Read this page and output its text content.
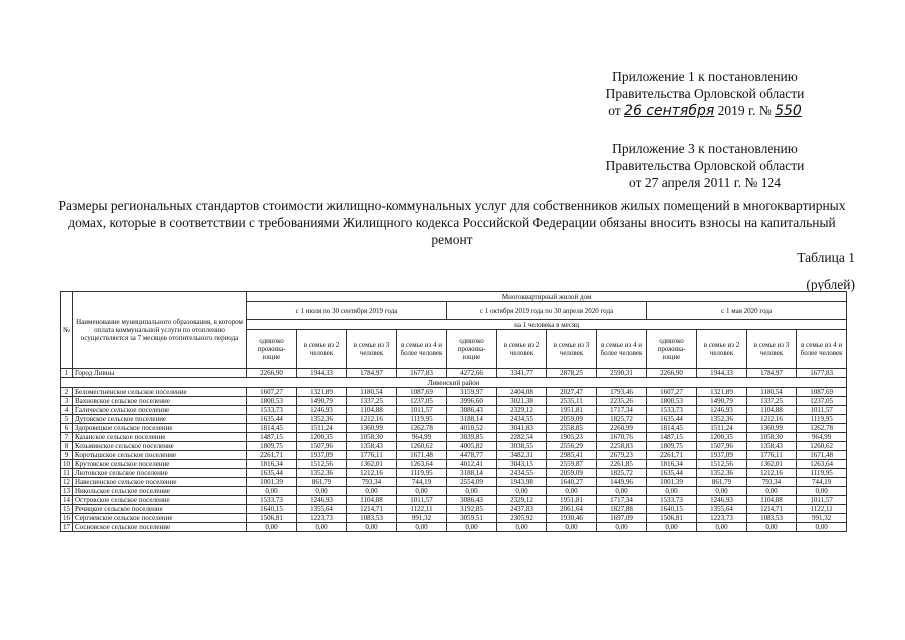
Приложение 1 к постановлению
Правительства Орловской области
от 26 сентября 2019 г. № 550
Приложение 3 к постановлению
Правительства Орловской области
от 27 апреля 2011 г. № 124
Размеры региональных стандартов стоимости жилищно-коммунальных услуг для собственников жилых помещений в многоквартирных домах, которые в соответствии с требованиями Жилищного кодекса Российской Федерации обязаны вносить взносы на капитальный ремонт
Таблица 1
(рублей)
№	Наименование муниципального образования, в котором оплата коммунальной услуги по отоплению осуществляется за 7 месяцев отопительного периода	Многоквартирный жилой дом											
		с 1 июля по 30 сентября 2019 года				с 1 октября 2019 года по 30 апреля 2020 года				с 1 мая 2020 года			
		на 1 человека в месяц											
		одиноко прожива-ющие	в семье из 2 человек	в семье из 3 человек	в семье из 4 и более человек	одиноко прожива-ющие	в семье из 2 человек	в семье из 3 человек	в семье из 4 и более человек	одиноко прожива-ющие	в семье из 2 человек	в семье из 3 человек	в семье из 4 и более человек
1	Город Ливны	2266,90	1944,33	1784,97	1677,83	4272,66	3341,77	2878,25	2590,31	2266,90	1944,33	1784,97	1677,83
Ливенский район													
2	Беломестненское сельское поселение	1607,27	1321,89	1180,54	1087,69	3159,97	2404,08	2027,47	1793,46	1607,27	1321,89	1180,54	1087,69
3	Вахновское сельское поселение	1800,53	1490,79	1337,25	1237,05	3996,60	3021,38	2535,11	2235,26	1800,53	1490,79	1337,25	1237,05
4	Галическое сельское поселение	1533,73	1246,93	1104,88	1011,57	3086,43	2329,12	1951,81	1717,34	1533,73	1246,93	1104,88	1011,57
5	Дутовское сельское поселение	1635,44	1352,36	1212,16	1119,95	3188,14	2434,55	2059,09	1825,72	1635,44	1352,36	1212,16	1119,95
6	Здоровецкое сельское поселение	1814,45	1511,24	1360,99	1262,78	4010,52	3041,83	2558,85	2260,99	1814,45	1511,24	1360,99	1262,78
7	Казанское сельское поселение	1487,15	1200,35	1058,30	964,99	3039,85	2282,54	1905,23	1670,76	1487,15	1200,35	1058,30	964,99
8	Козьминское сельское поселение	1809,75	1507,96	1358,43	1260,62	4005,82	3038,55	2556,29	2258,83	1809,75	1507,96	1358,43	1260,62
9	Коротышское сельское поселение	2261,71	1937,09	1776,11	1671,48	4478,77	3482,31	2985,41	2679,23	2261,71	1937,09	1776,11	1671,48
10	Крутовское сельское поселение	1816,34	1512,56	1362,01	1263,64	4012,41	3043,15	2559,87	2261,85	1816,34	1512,56	1362,01	1263,64
11	Лютовское сельское поселение	1635,44	1352,36	1212,16	1119,95	3188,14	2434,55	2059,09	1825,72	1635,44	1352,36	1212,16	1119,95
12	Навесненское сельское поселение	1001,39	861,79	793,34	744,19	2554,09	1943,98	1640,27	1449,96	1001,39	861,79	793,34	744,19
13	Никольское сельское поселение	0,00	0,00	0,00	0,00	0,00	0,00	0,00	0,00	0,00	0,00	0,00	0,00
14	Островское сельское поселение	1533,73	1246,93	1104,88	1011,57	3086,43	2329,12	1951,81	1717,34	1533,73	1246,93	1104,88	1011,57
15	Речицкое сельское поселение	1640,15	1355,64	1214,71	1122,11	3192,85	2437,83	2061,64	1827,88	1640,15	1355,64	1214,71	1122,11
16	Сергиевское сельское поселение	1506,81	1223,73	1083,53	991,32	3059,51	2305,92	1930,46	1697,09	1506,81	1223,73	1083,53	991,32
17	Сосновское сельское поселение	0,00	0,00	0,00	0,00	0,00	0,00	0,00	0,00	0,00	0,00	0,00	0,00
